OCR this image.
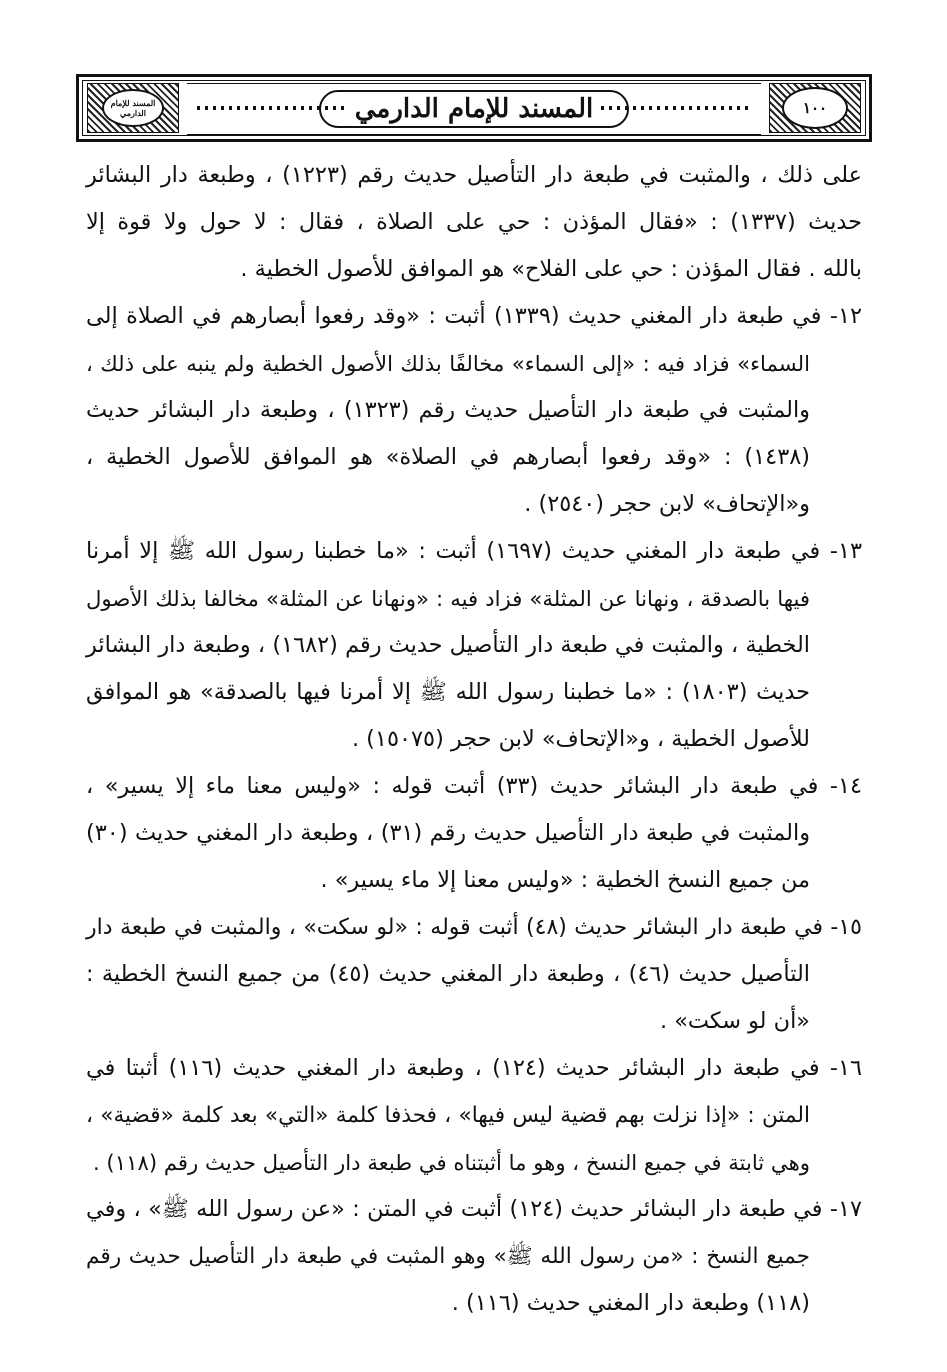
١٠٠
المسند للإمام الدارمي
المسند للإمام الدارمي
على ذلك ، والمثبت في طبعة دار التأصيل حديث رقم (١٢٢٣) ، وطبعة دار البشائر
حديث (١٣٣٧) : «فقال المؤذن : حي على الصلاة ، فقال : لا حول ولا قوة إلا
بالله . فقال المؤذن : حي على الفلاح» هو الموافق للأصول الخطية .
١٢- في طبعة دار المغني حديث (١٣٣٩) أثبت : «وقد رفعوا أبصارهم في الصلاة إلى
السماء» فزاد فيه : «إلى السماء» مخالفًا بذلك الأصول الخطية ولم ينبه على ذلك ،
والمثبت في طبعة دار التأصيل حديث رقم (١٣٢٣) ، وطبعة دار البشائر حديث
(١٤٣٨) : «وقد رفعوا أبصارهم في الصلاة» هو الموافق للأصول الخطية ،
و«الإتحاف» لابن حجر (٢٥٤٠) .
١٣- في طبعة دار المغني حديث (١٦٩٧) أثبت : «ما خطبنا رسول الله ﷺ إلا أمرنا
فيها بالصدقة ، ونهانا عن المثلة» فزاد فيه : «ونهانا عن المثلة» مخالفا بذلك الأصول
الخطية ، والمثبت في طبعة دار التأصيل حديث رقم (١٦٨٢) ، وطبعة دار البشائر
حديث (١٨٠٣) : «ما خطبنا رسول الله ﷺ إلا أمرنا فيها بالصدقة» هو الموافق
للأصول الخطية ، و«الإتحاف» لابن حجر (١٥٠٧٥) .
١٤- في طبعة دار البشائر حديث (٣٣) أثبت قوله : «وليس معنا ماء إلا يسير» ،
والمثبت في طبعة دار التأصيل حديث رقم (٣١) ، وطبعة دار المغني حديث (٣٠)
من جميع النسخ الخطية : «وليس معنا إلا ماء يسير» .
١٥- في طبعة دار البشائر حديث (٤٨) أثبت قوله : «لو سكت» ، والمثبت في طبعة دار
التأصيل حديث (٤٦) ، وطبعة دار المغني حديث (٤٥) من جميع النسخ الخطية :
«أن لو سكت» .
١٦- في طبعة دار البشائر حديث (١٢٤) ، وطبعة دار المغني حديث (١١٦) أثبتا في
المتن : «إذا نزلت بهم قضية ليس فيها» ، فحذفا كلمة «التي» بعد كلمة «قضية» ،
وهي ثابتة في جميع النسخ ، وهو ما أثبتناه في طبعة دار التأصيل حديث رقم (١١٨) .
١٧- في طبعة دار البشائر حديث (١٢٤) أثبت في المتن : «عن رسول الله ﷺ» ، وفي
جميع النسخ : «من رسول الله ﷺ» وهو المثبت في طبعة دار التأصيل حديث رقم
(١١٨) وطبعة دار المغني حديث (١١٦) .
